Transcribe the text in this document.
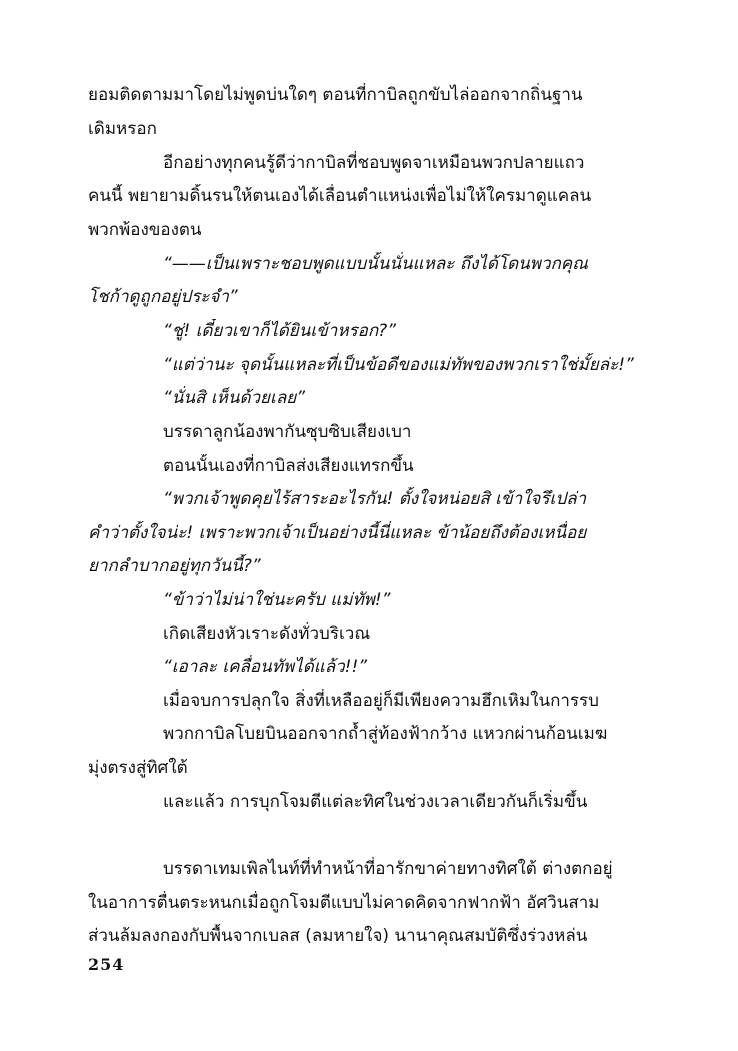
ยอมติดตามมาโดยไม่พูดบ่นใดๆ ตอนที่กาบิลถูกขับไล่ออกจากถิ่นฐาน
เดิมหรอก
อีกอย่างทุกคนรู้ดีว่ากาบิลที่ชอบพูดจาเหมือนพวกปลายแถว
คนนี้ พยายามดิ้นรนให้ตนเองได้เลื่อนตำแหน่งเพื่อไม่ให้ใครมาดูแคลน
พวกพ้องของตน
“——เป็นเพราะชอบพูดแบบนั้นนั่นแหละ ถึงได้โดนพวกคุณ
โชก้าดูถูกอยู่ประจำ”
“ชู่! เดี๋ยวเขาก็ได้ยินเข้าหรอก?”
“แต่ว่านะ จุดนั้นแหละที่เป็นข้อดีของแม่ทัพของพวกเราใช่มั้ยล่ะ!”
“นั่นสิ เห็นด้วยเลย”
บรรดาลูกน้องพากันซุบซิบเสียงเบา
ตอนนั้นเองที่กาบิลส่งเสียงแทรกขึ้น
“พวกเจ้าพูดคุยไร้สาระอะไรกัน! ตั้งใจหน่อยสิ เข้าใจรึเปล่า
คำว่าตั้งใจน่ะ! เพราะพวกเจ้าเป็นอย่างนี้นี่แหละ ข้าน้อยถึงต้องเหนื่อย
ยากลำบากอยู่ทุกวันนี้?”
“ข้าว่าไม่น่าใช่นะครับ แม่ทัพ!”
เกิดเสียงหัวเราะดังทั่วบริเวณ
“เอาละ เคลื่อนทัพได้แล้ว!!”
เมื่อจบการปลุกใจ สิ่งที่เหลืออยู่ก็มีเพียงความฮึกเหิมในการรบ
พวกกาบิลโบยบินออกจากถ้ำสู่ท้องฟ้ากว้าง แหวกผ่านก้อนเมฆ
มุ่งตรงสู่ทิศใต้
และแล้ว การบุกโจมตีแต่ละทิศในช่วงเวลาเดียวกันก็เริ่มขึ้น
บรรดาเทมเพิลไนท์ที่ทำหน้าที่อารักขาค่ายทางทิศใต้ ต่างตกอยู่
ในอาการตื่นตระหนกเมื่อถูกโจมตีแบบไม่คาดคิดจากฟากฟ้า อัศวินสาม
ส่วนล้มลงกองกับพื้นจากเบลส (ลมหายใจ) นานาคุณสมบัติซึ่งร่วงหล่น
254
